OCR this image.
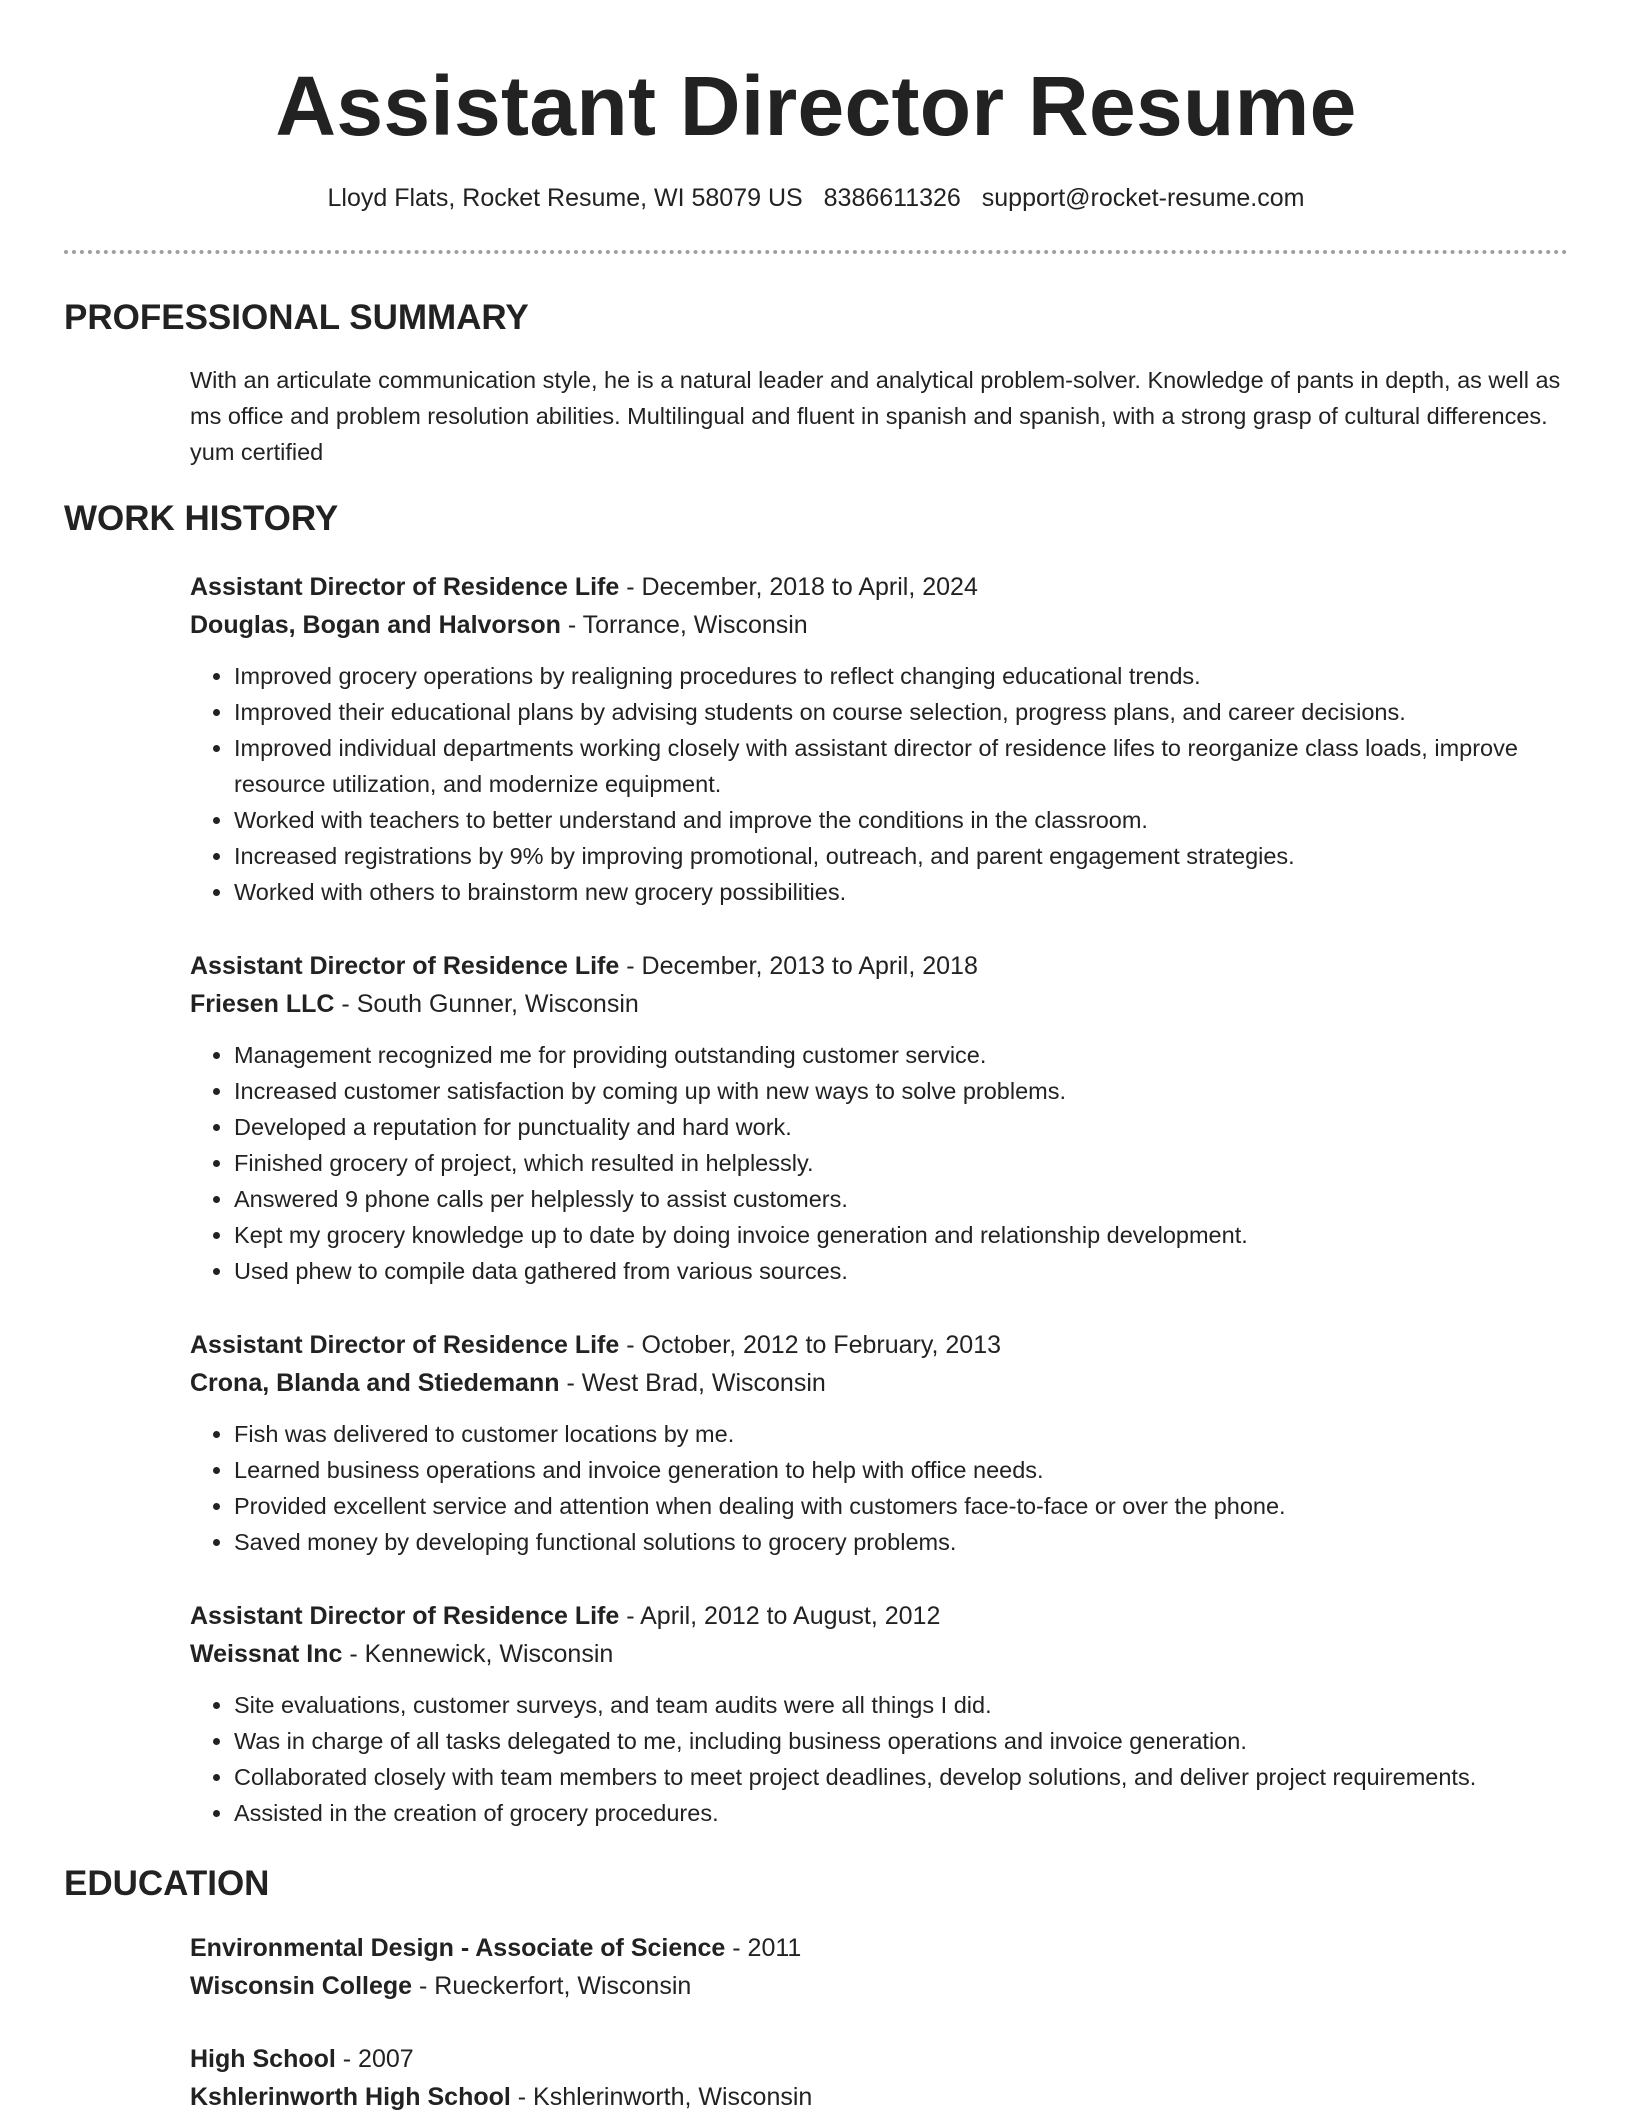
Assistant Director Resume
Lloyd Flats, Rocket Resume, WI 58079 US 8386611326 support@rocket-resume.com
PROFESSIONAL SUMMARY

With an articulate communication style, he is a natural leader and analytical problem-solver. Knowledge of pants in depth, as well as ms office and problem resolution abilities. Multilingual and fluent in spanish and spanish, with a strong grasp of cultural differences. yum certified

WORK HISTORY
Assistant Director of Residence Life - December, 2018 to April, 2024
Douglas, Bogan and Halvorson - Torrance, Wisconsin
• Improved grocery operations by realigning procedures to reflect changing educational trends.
• Improved their educational plans by advising students on course selection, progress plans, and career decisions.
• Improved individual departments working closely with assistant director of residence lifes to reorganize class loads, improve resource utilization, and modernize equipment.
• Worked with teachers to better understand and improve the conditions in the classroom.
• Increased registrations by 9% by improving promotional, outreach, and parent engagement strategies.
• Worked with others to brainstorm new grocery possibilities.
Assistant Director of Residence Life - December, 2013 to April, 2018
Friesen LLC - South Gunner, Wisconsin
• Management recognized me for providing outstanding customer service.
• Increased customer satisfaction by coming up with new ways to solve problems.
• Developed a reputation for punctuality and hard work.
• Finished grocery of project, which resulted in helplessly.
• Answered 9 phone calls per helplessly to assist customers.
• Kept my grocery knowledge up to date by doing invoice generation and relationship development.
• Used phew to compile data gathered from various sources.
Assistant Director of Residence Life - October, 2012 to February, 2013
Crona, Blanda and Stiedemann - West Brad, Wisconsin
• Fish was delivered to customer locations by me.
• Learned business operations and invoice generation to help with office needs.
• Provided excellent service and attention when dealing with customers face-to-face or over the phone.
• Saved money by developing functional solutions to grocery problems.
Assistant Director of Residence Life - April, 2012 to August, 2012
Weissnat Inc - Kennewick, Wisconsin
• Site evaluations, customer surveys, and team audits were all things I did.
• Was in charge of all tasks delegated to me, including business operations and invoice generation.
• Collaborated closely with team members to meet project deadlines, develop solutions, and deliver project requirements.
• Assisted in the creation of grocery procedures.
EDUCATION
Environmental Design - Associate of Science - 2011
Wisconsin College - Rueckerfort, Wisconsin
High School - 2007
Kshlerinworth High School - Kshlerinworth, Wisconsin
